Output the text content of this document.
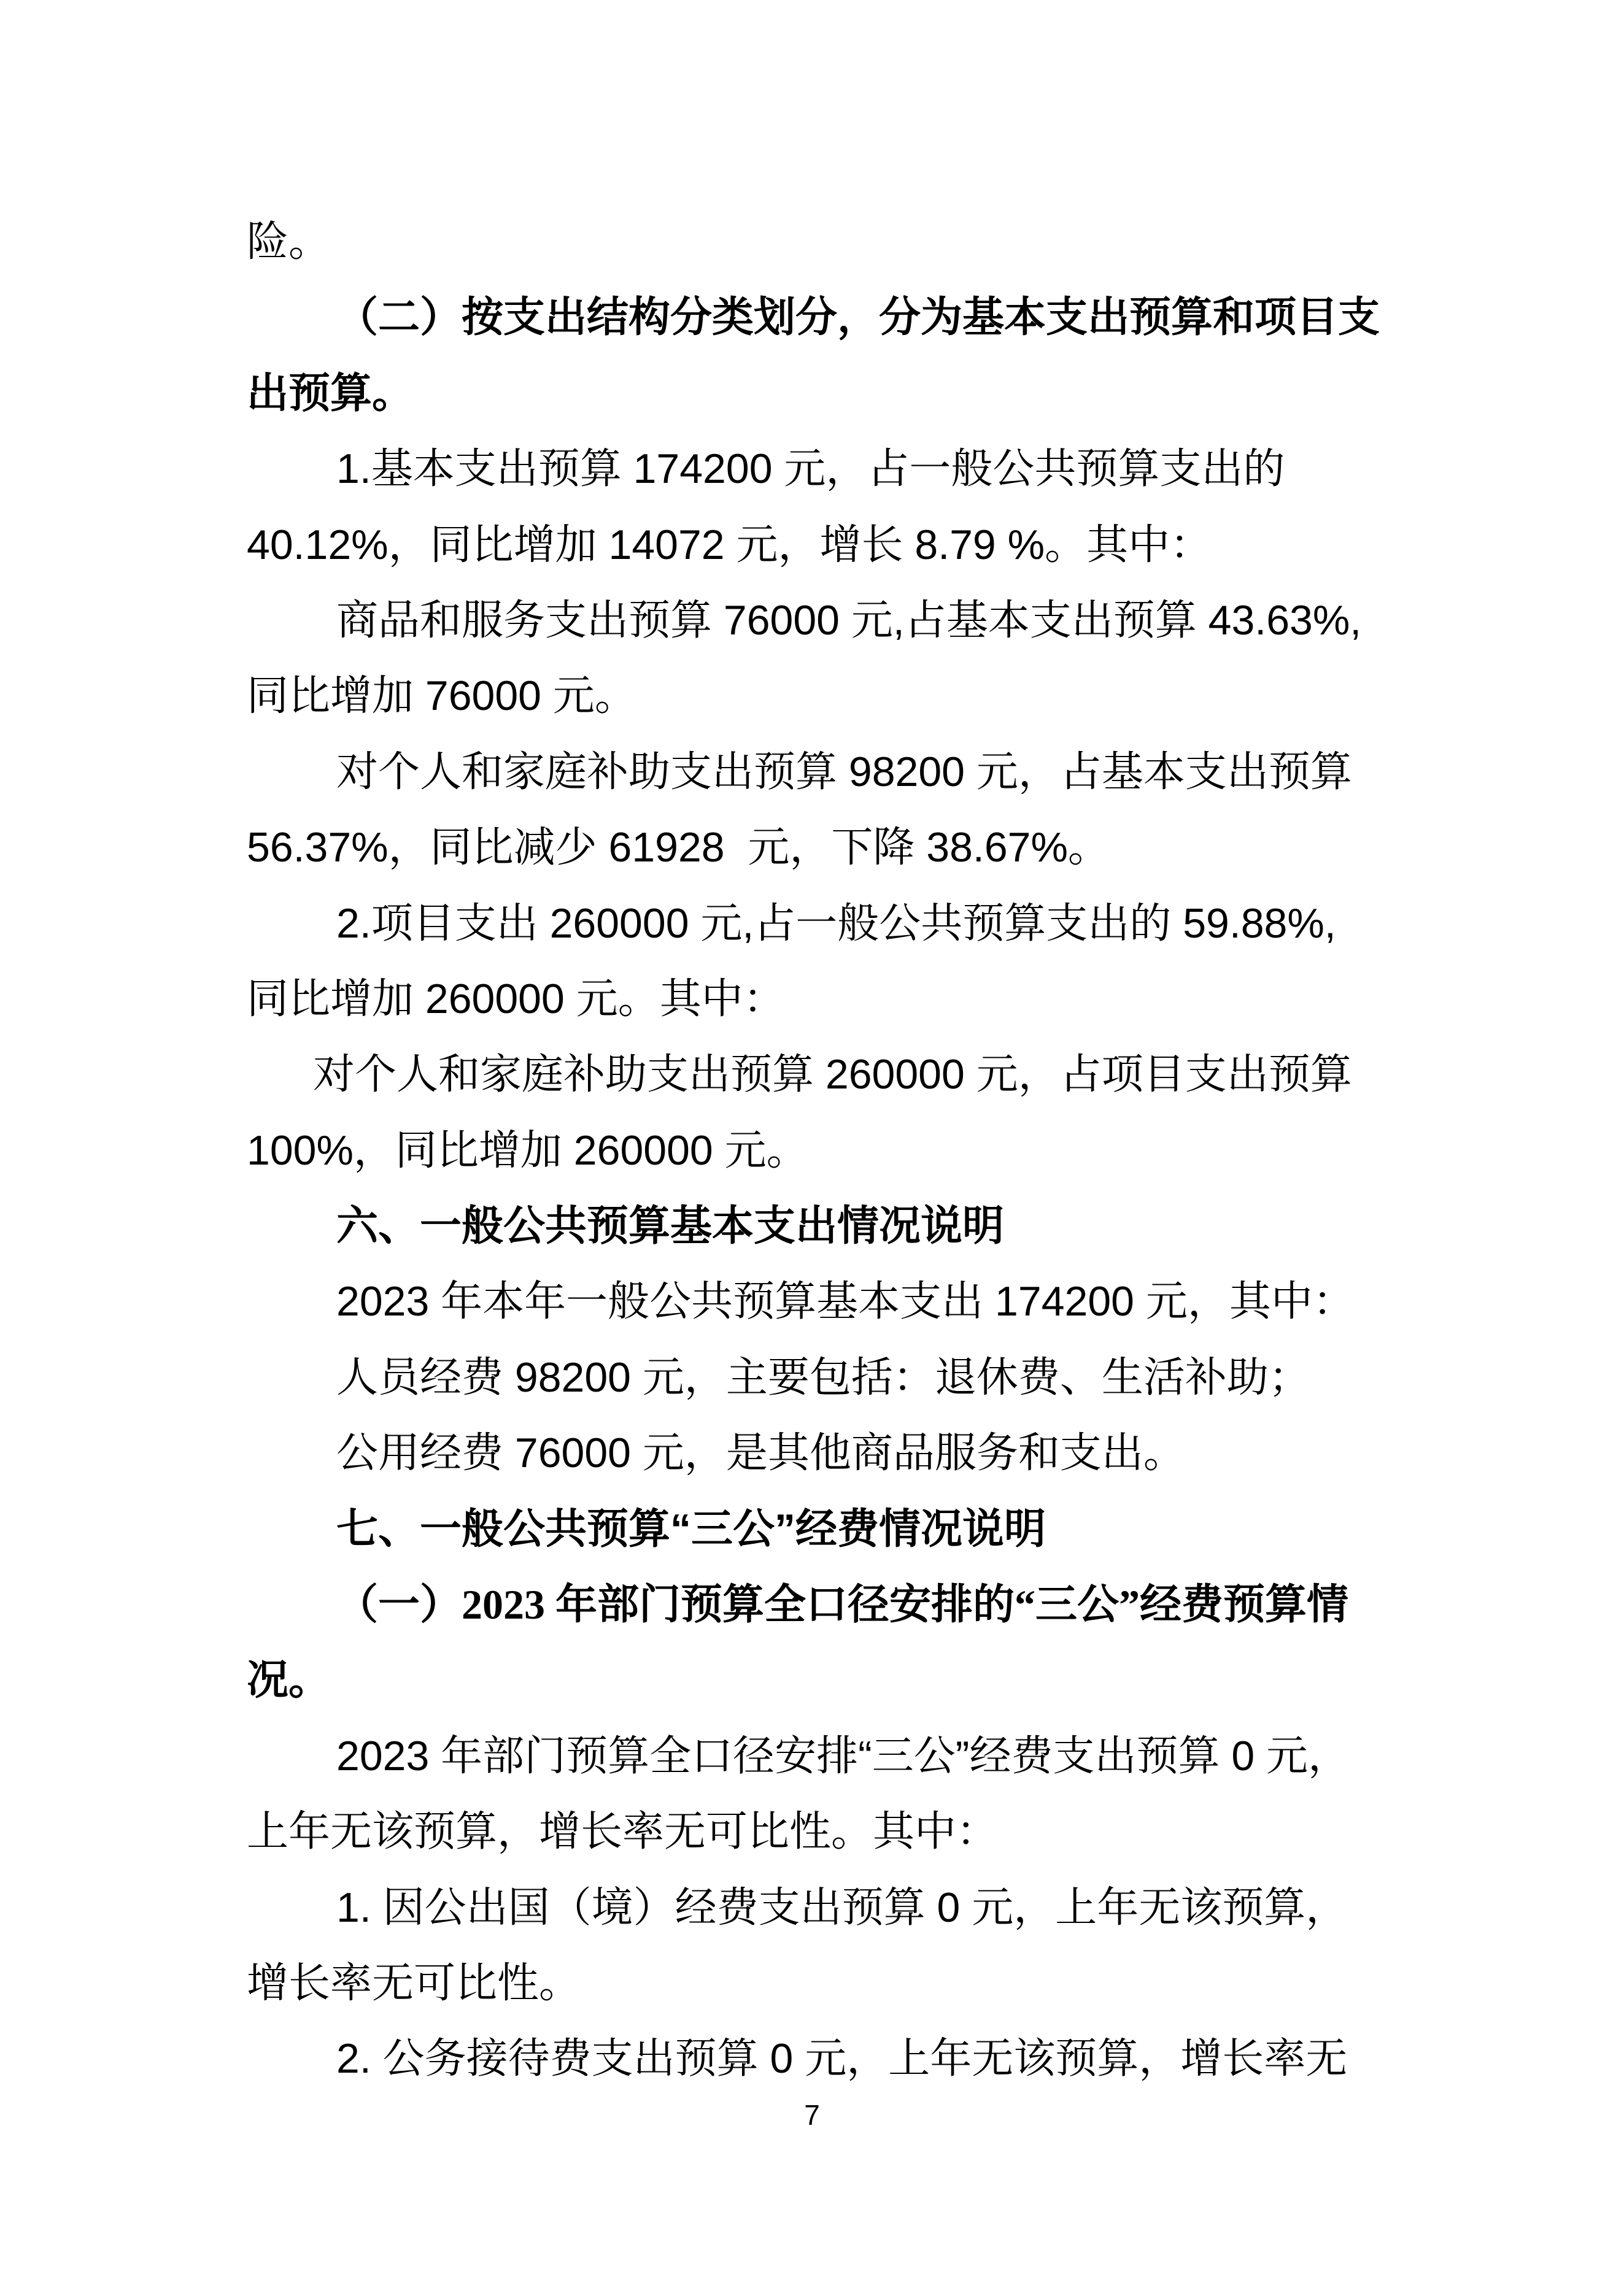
险。
（二）按支出结构分类划分，分为基本支出预算和项目支
出预算。
1.基本支出预算 174200 元，占一般公共预算支出的
40.12%，同比增加 14072 元，增长 8.79 %。其中：
商品和服务支出预算 76000 元,占基本支出预算 43.63%,
同比增加 76000 元。
对个人和家庭补助支出预算 98200 元，占基本支出预算
56.37%，同比减少 61928  元，下降 38.67%。
2.项目支出 260000 元,占一般公共预算支出的 59.88%,
同比增加 260000 元。其中：
对个人和家庭补助支出预算 260000 元，占项目支出预算
100%，同比增加 260000 元。
六、一般公共预算基本支出情况说明
2023 年本年一般公共预算基本支出 174200 元，其中：
人员经费 98200 元，主要包括：退休费、生活补助；
公用经费 76000 元，是其他商品服务和支出。
七、一般公共预算“三公”经费情况说明
（一）2023 年部门预算全口径安排的“三公”经费预算情
况。
2023 年部门预算全口径安排“三公”经费支出预算 0 元，
上年无该预算，增长率无可比性。其中：
1. 因公出国（境）经费支出预算 0 元，上年无该预算，
增长率无可比性。
2. 公务接待费支出预算 0 元，上年无该预算，增长率无
7
